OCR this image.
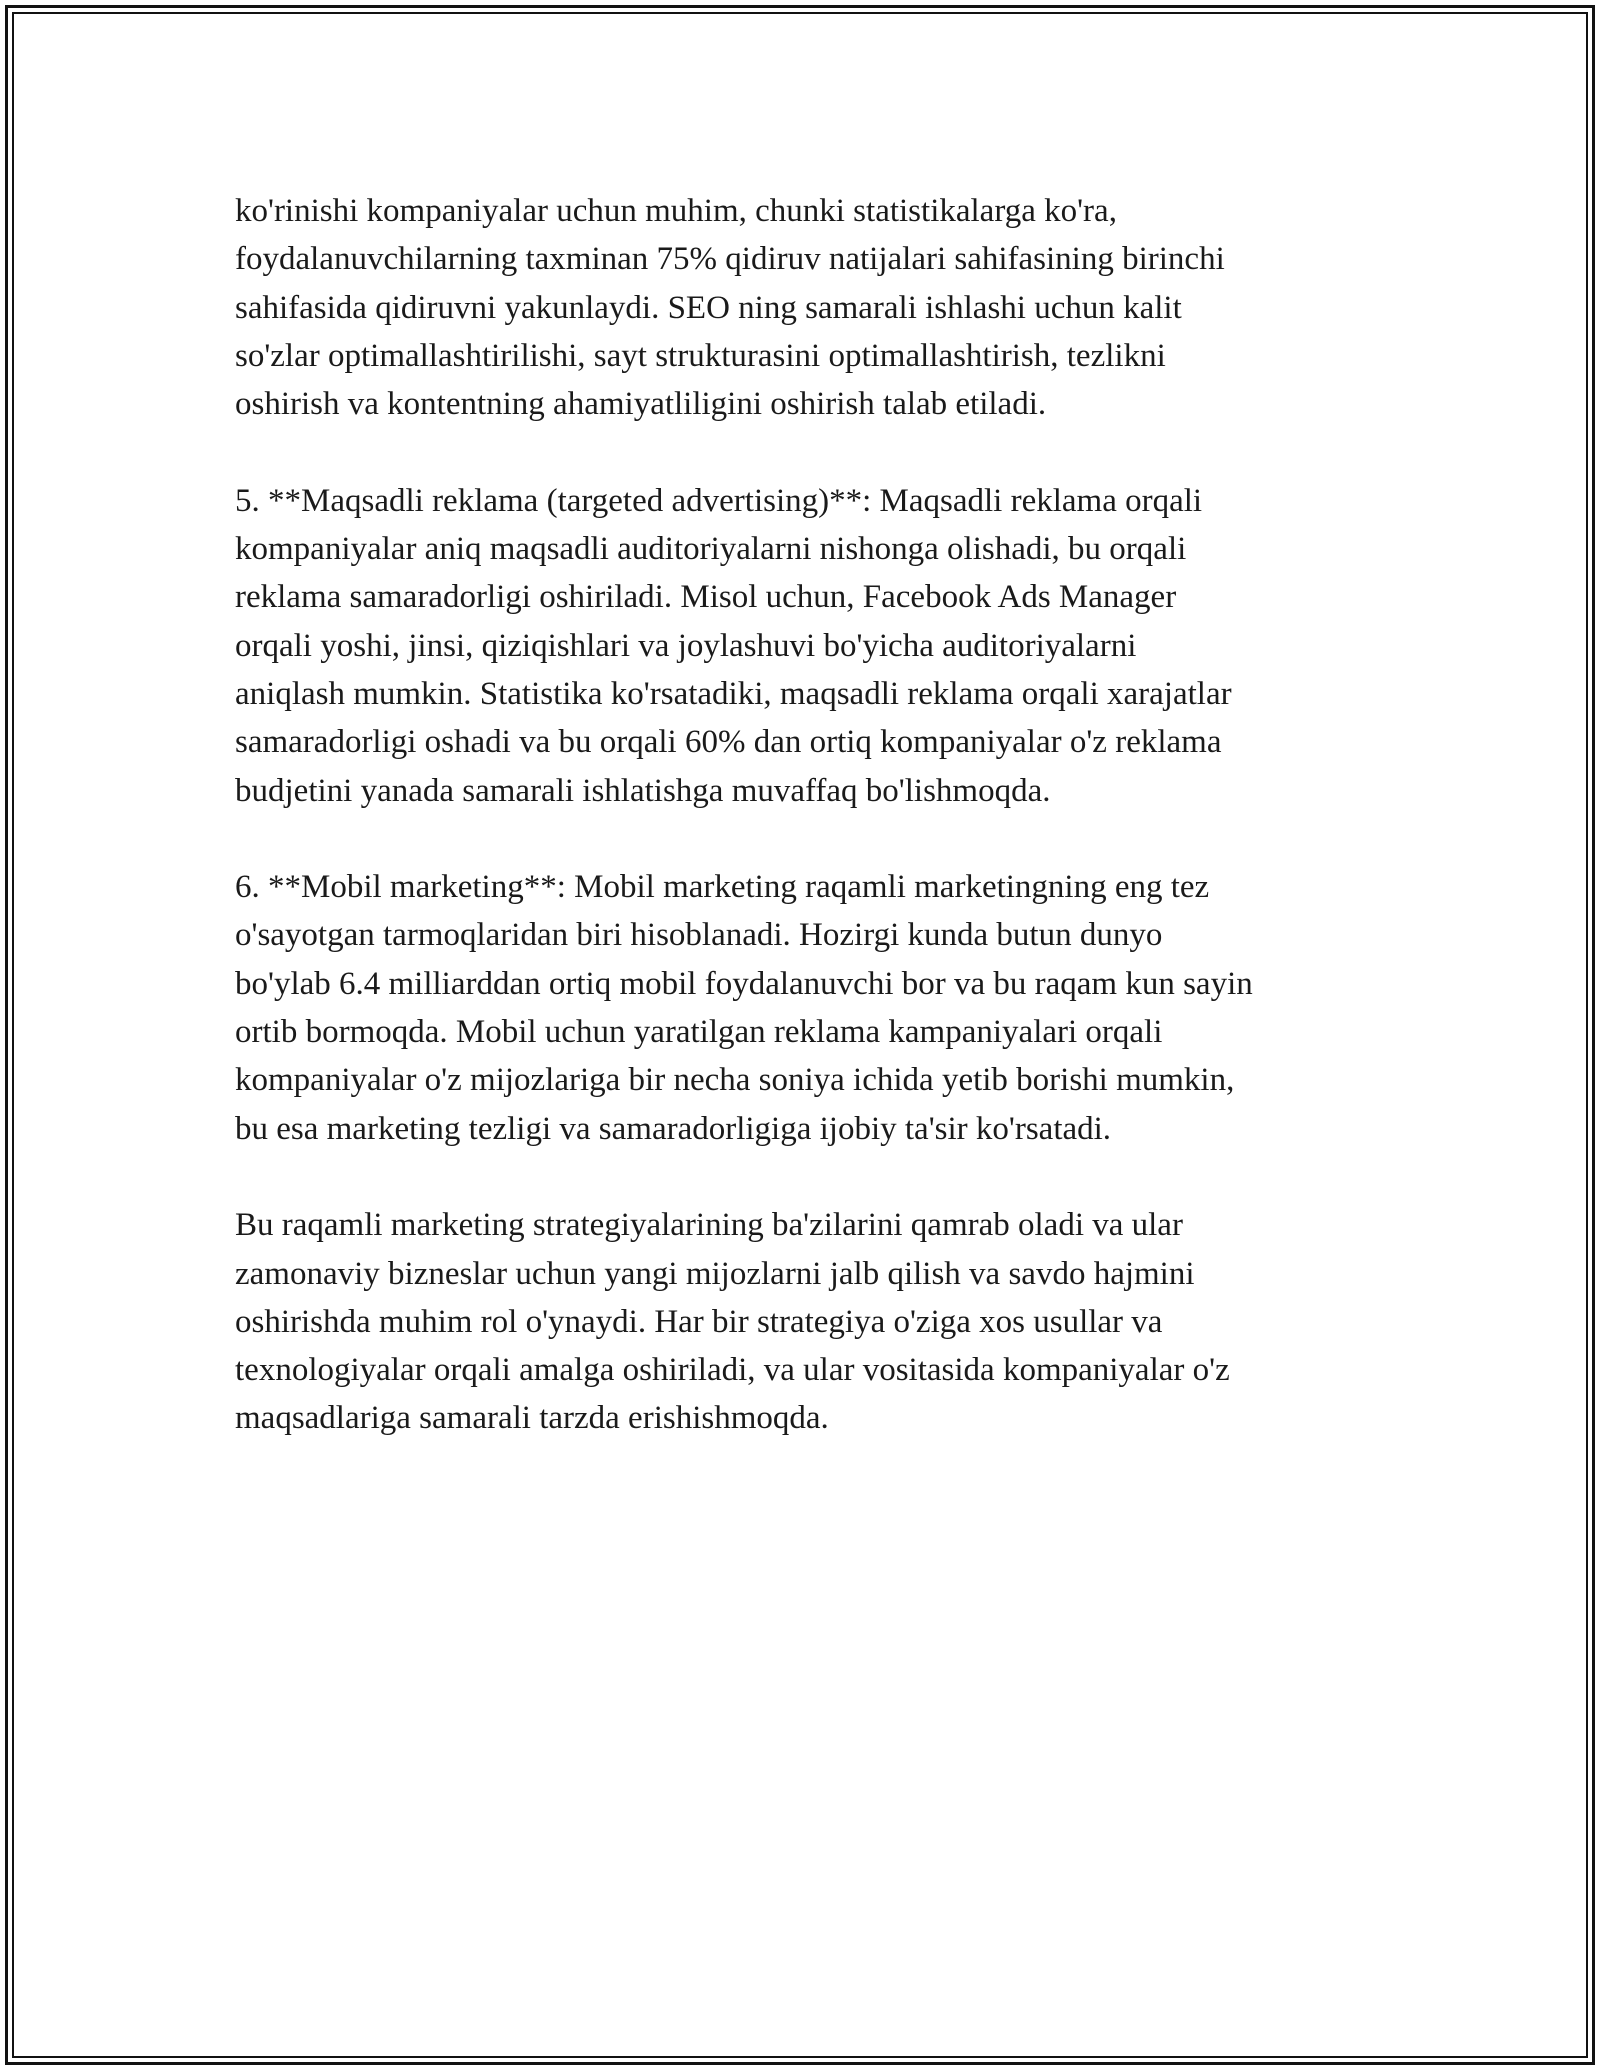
ko'rinishi kompaniyalar uchun muhim, chunki statistikalarga ko'ra,
foydalanuvchilarning taxminan 75% qidiruv natijalari sahifasining birinchi
sahifasida qidiruvni yakunlaydi. SEO ning samarali ishlashi uchun kalit
so'zlar optimallashtirilishi, sayt strukturasini optimallashtirish, tezlikni
oshirish va kontentning ahamiyatliligini oshirish talab etiladi.

5. **Maqsadli reklama (targeted advertising)**: Maqsadli reklama orqali
kompaniyalar aniq maqsadli auditoriyalarni nishonga olishadi, bu orqali
reklama samaradorligi oshiriladi. Misol uchun, Facebook Ads Manager
orqali yoshi, jinsi, qiziqishlari va joylashuvi bo'yicha auditoriyalarni
aniqlash mumkin. Statistika ko'rsatadiki, maqsadli reklama orqali xarajatlar
samaradorligi oshadi va bu orqali 60% dan ortiq kompaniyalar o'z reklama
budjetini yanada samarali ishlatishga muvaffaq bo'lishmoqda.

6. **Mobil marketing**: Mobil marketing raqamli marketingning eng tez
o'sayotgan tarmoqlaridan biri hisoblanadi. Hozirgi kunda butun dunyo
bo'ylab 6.4 milliarddan ortiq mobil foydalanuvchi bor va bu raqam kun sayin
ortib bormoqda. Mobil uchun yaratilgan reklama kampaniyalari orqali
kompaniyalar o'z mijozlariga bir necha soniya ichida yetib borishi mumkin,
bu esa marketing tezligi va samaradorligiga ijobiy ta'sir ko'rsatadi.

Bu raqamli marketing strategiyalarining ba'zilarini qamrab oladi va ular
zamonaviy bizneslar uchun yangi mijozlarni jalb qilish va savdo hajmini
oshirishda muhim rol o'ynaydi. Har bir strategiya o'ziga xos usullar va
texnologiyalar orqali amalga oshiriladi, va ular vositasida kompaniyalar o'z
maqsadlariga samarali tarzda erishishmoqda.
